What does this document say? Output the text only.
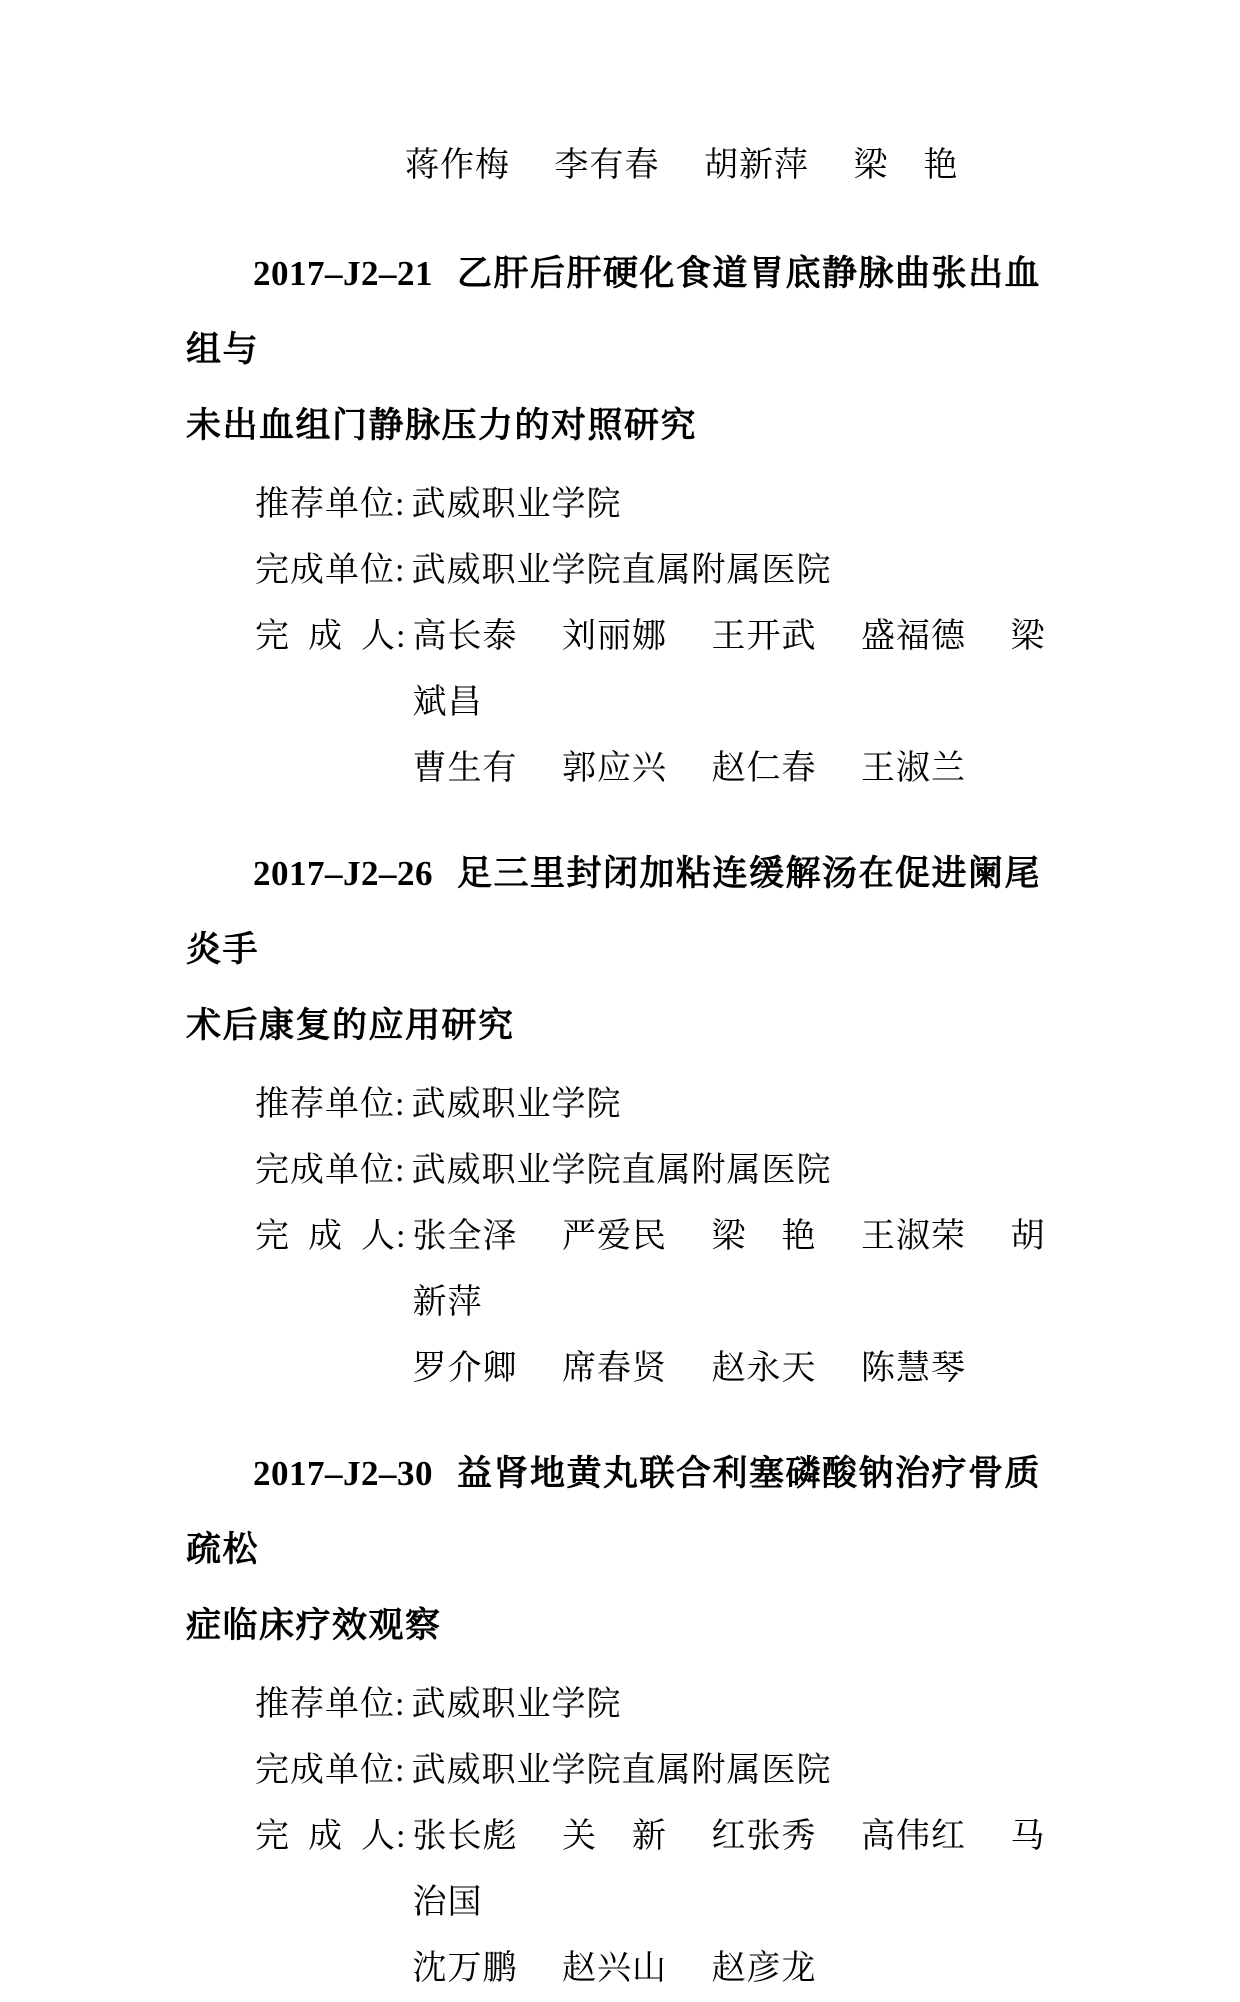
蒋作梅　 李有春　 胡新萍　 梁　艳
2017–J2–21 乙肝后肝硬化食道胃底静脉曲张出血组与
未出血组门静脉压力的对照研究

推荐单位: 武威职业学院

完成单位: 武威职业学院直属附属医院

完 成 人: 高长泰　 刘丽娜　 王开武　 盛福德　 梁斌昌
曹生有　 郭应兴　 赵仁春　 王淑兰
2017–J2–26 足三里封闭加粘连缓解汤在促进阑尾炎手
术后康复的应用研究

推荐单位: 武威职业学院

完成单位: 武威职业学院直属附属医院

完 成 人: 张全泽　 严爱民　 梁　艳　 王淑荣　 胡新萍
罗介卿　 席春贤　 赵永天　 陈慧琴
2017–J2–30 益肾地黄丸联合利塞磷酸钠治疗骨质疏松
症临床疗效观察

推荐单位: 武威职业学院

完成单位: 武威职业学院直属附属医院

完 成 人: 张长彪　 关　新　 红张秀　 高伟红　 马治国
沈万鹏　 赵兴山　 赵彦龙
